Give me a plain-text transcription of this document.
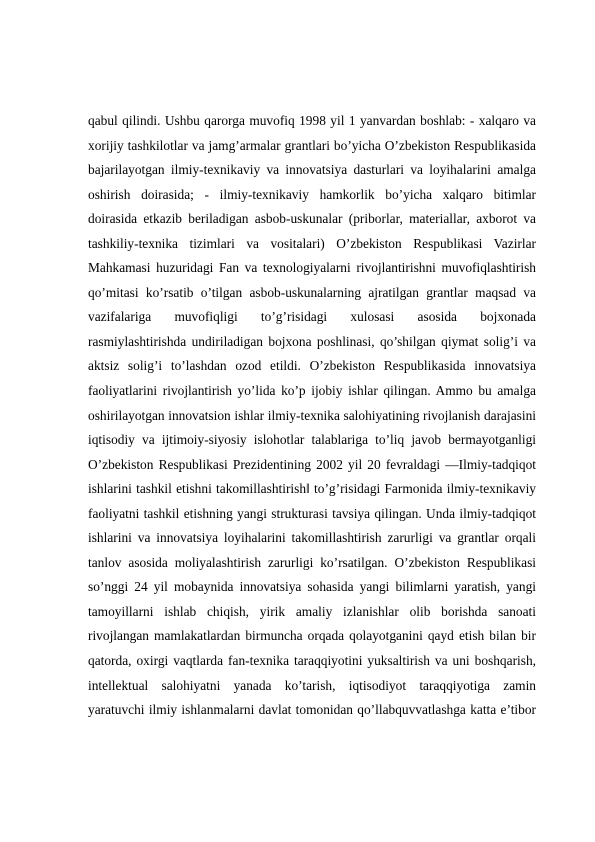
qabul qilindi. Ushbu qarorga muvofiq 1998 yil 1 yanvardan boshlab: - xalqaro va
xorijiy tashkilotlar va jamg’armalar grantlari bo’yicha O’zbekiston Respublikasida
bajarilayotgan ilmiy-texnikaviy va innovatsiya dasturlari va loyihalarini amalga
oshirish doirasida; - ilmiy-texnikaviy hamkorlik bo’yicha xalqaro bitimlar
doirasida etkazib beriladigan asbob-uskunalar (priborlar, materiallar, axborot va
tashkiliy-texnika tizimlari va vositalari) O’zbekiston Respublikasi Vazirlar
Mahkamasi huzuridagi Fan va texnologiyalarni rivojlantirishni muvofiqlashtirish
qo’mitasi ko’rsatib o’tilgan asbob-uskunalarning ajratilgan grantlar maqsad va
vazifalariga muvofiqligi to’g’risidagi xulosasi asosida bojxonada
rasmiylashtirishda undiriladigan bojxona poshlinasi, qo’shilgan qiymat solig’i va
aktsiz solig’i to’lashdan ozod etildi. O’zbekiston Respublikasida innovatsiya
faoliyatlarini rivojlantirish yo’lida ko’p ijobiy ishlar qilingan. Ammo bu amalga
oshirilayotgan innovatsion ishlar ilmiy-texnika salohiyatining rivojlanish darajasini
iqtisodiy va ijtimoiy-siyosiy islohotlar talablariga to’liq javob bermayotganligi
O’zbekiston Respublikasi Prezidentining 2002 yil 20 fevraldagi ―Ilmiy-tadqiqot
ishlarini tashkil etishni takomillashtirish‖ to’g’risidagi Farmonida ilmiy-texnikaviy
faoliyatni tashkil etishning yangi strukturasi tavsiya qilingan. Unda ilmiy-tadqiqot
ishlarini va innovatsiya loyihalarini takomillashtirish zarurligi va grantlar orqali
tanlov asosida moliyalashtirish zarurligi ko’rsatilgan. O’zbekiston Respublikasi
so’nggi 24 yil mobaynida innovatsiya sohasida yangi bilimlarni yaratish, yangi
tamoyillarni ishlab chiqish, yirik amaliy izlanishlar olib borishda sanoati
rivojlangan mamlakatlardan birmuncha orqada qolayotganini qayd etish bilan bir
qatorda, oxirgi vaqtlarda fan-texnika taraqqiyotini yuksaltirish va uni boshqarish,
intellektual salohiyatni yanada ko’tarish, iqtisodiyot taraqqiyotiga zamin
yaratuvchi ilmiy ishlanmalarni davlat tomonidan qo’llabquvvatlashga katta e’tibor
